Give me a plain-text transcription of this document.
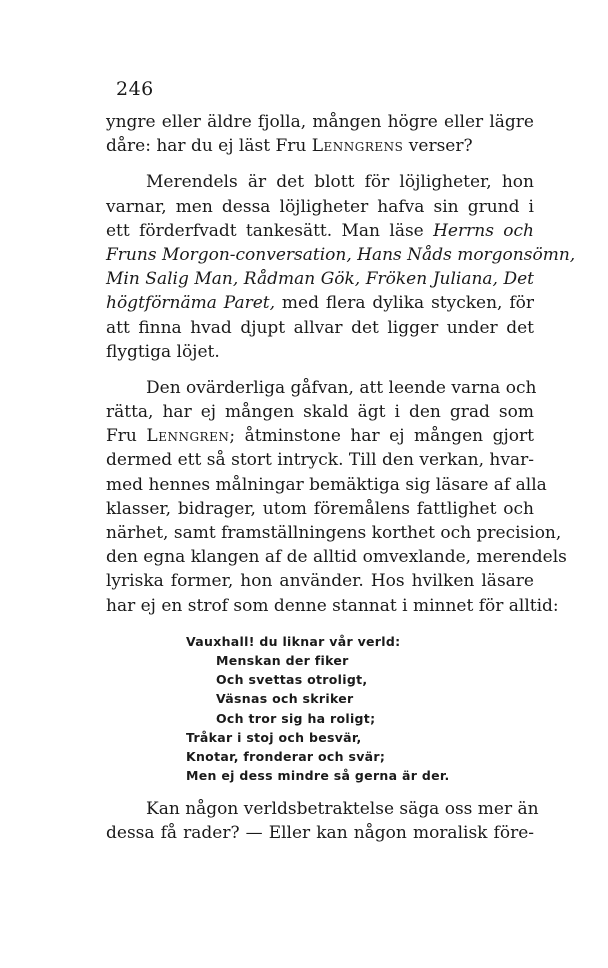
246
yngre eller äldre fjolla, mången högre eller lägre
dåre: har du ej läst Fru Lenngrens verser?
Merendels är det blott för löjligheter, hon
varnar, men dessa löjligheter hafva sin grund i
ett förderfvadt tankesätt. Man läse Herrns och
Fruns Morgon-conversation, Hans Nåds morgonsömn,
Min Salig Man, Rådman Gök, Fröken Juliana, Det
högtförnäma Paret, med flera dylika stycken, för
att finna hvad djupt allvar det ligger under det
flygtiga löjet.
Den ovärderliga gåfvan, att leende varna och
rätta, har ej mången skald ägt i den grad som
Fru Lenngren; åtminstone har ej mången gjort
dermed ett så stort intryck. Till den verkan, hvar-
med hennes målningar bemäktiga sig läsare af alla
klasser, bidrager, utom föremålens fattlighet och
närhet, samt framställningens korthet och precision,
den egna klangen af de alltid omvexlande, merendels
lyriska former, hon använder. Hos hvilken läsare
har ej en strof som denne stannat i minnet för alltid:
Vauxhall! du liknar vår verld:
Menskan der fiker
Och svettas otroligt,
Väsnas och skriker
Och tror sig ha roligt;
Tråkar i stoj och besvär,
Knotar, fronderar och svär;
Men ej dess mindre så gerna är der.
Kan någon verldsbetraktelse säga oss mer än
dessa få rader? — Eller kan någon moralisk före-
